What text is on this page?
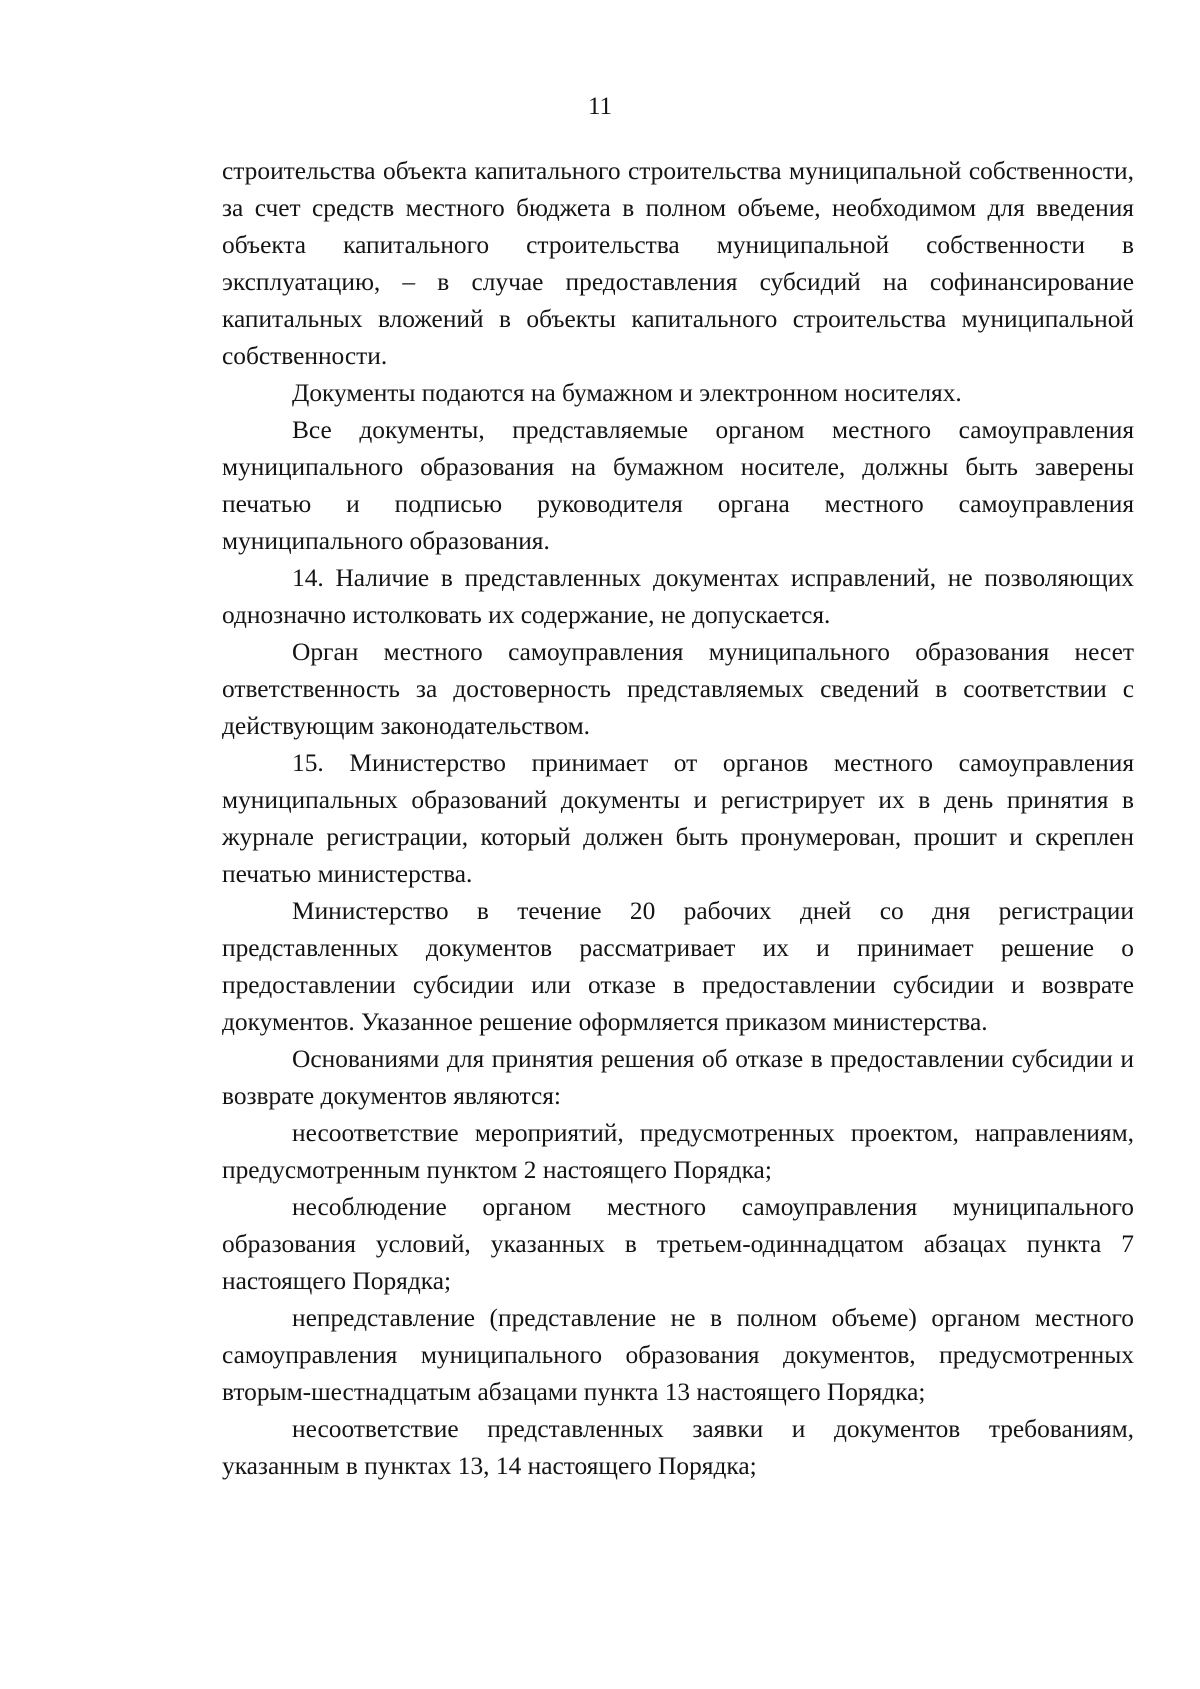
11

строительства объекта капитального строительства муниципальной собственности, за счет средств местного бюджета в полном объеме, необходимом для введения объекта капитального строительства муниципальной собственности в эксплуатацию, – в случае предоставления субсидий на софинансирование капитальных вложений в объекты капитального строительства муниципальной собственности.

Документы подаются на бумажном и электронном носителях.

Все документы, представляемые органом местного самоуправления муниципального образования на бумажном носителе, должны быть заверены печатью и подписью руководителя органа местного самоуправления муниципального образования.

14. Наличие в представленных документах исправлений, не позволяющих однозначно истолковать их содержание, не допускается.

Орган местного самоуправления муниципального образования несет ответственность за достоверность представляемых сведений в соответствии с действующим законодательством.

15. Министерство принимает от органов местного самоуправления муниципальных образований документы и регистрирует их в день принятия в журнале регистрации, который должен быть пронумерован, прошит и скреплен печатью министерства.

Министерство в течение 20 рабочих дней со дня регистрации представленных документов рассматривает их и принимает решение о предоставлении субсидии или отказе в предоставлении субсидии и возврате документов. Указанное решение оформляется приказом министерства.

Основаниями для принятия решения об отказе в предоставлении субсидии и возврате документов являются:

несоответствие мероприятий, предусмотренных проектом, направлениям, предусмотренным пунктом 2 настоящего Порядка;

несоблюдение органом местного самоуправления муниципального образования условий, указанных в третьем-одиннадцатом абзацах пункта 7 настоящего Порядка;

непредставление (представление не в полном объеме) органом местного самоуправления муниципального образования документов, предусмотренных вторым-шестнадцатым абзацами пункта 13 настоящего Порядка;

несоответствие представленных заявки и документов требованиям, указанным в пунктах 13, 14 настоящего Порядка;
